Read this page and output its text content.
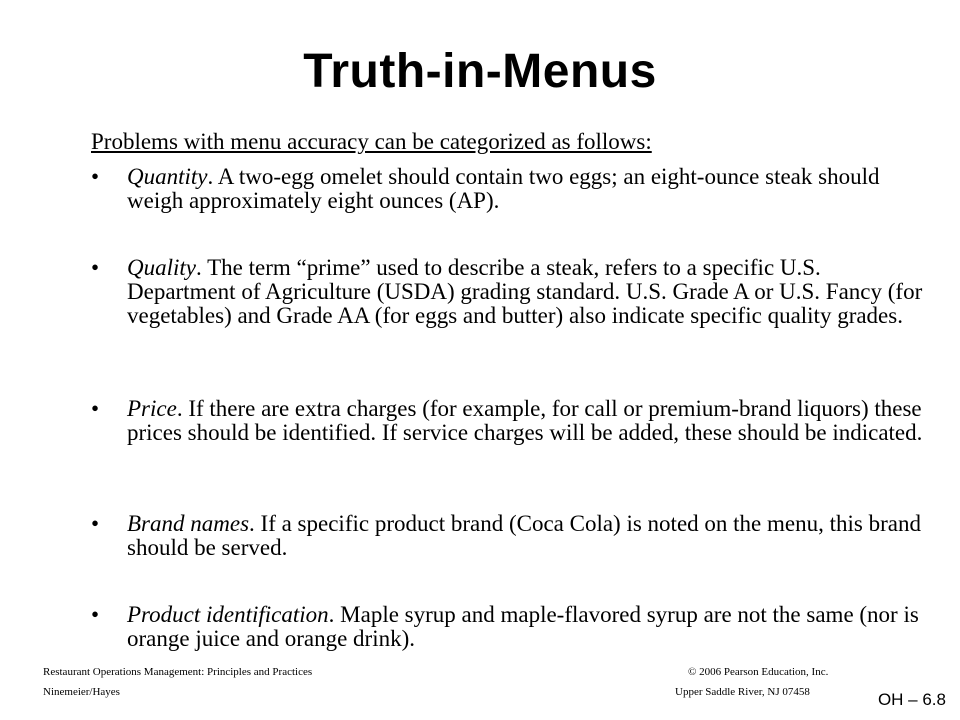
Truth-in-Menus
Problems with menu accuracy can be categorized as follows:
•	Quantity. A two-egg omelet should contain two eggs; an eight-ounce steak should weigh approximately eight ounces (AP).
•	Quality. The term “prime” used to describe a steak, refers to a specific U.S. Department of Agriculture (USDA) grading standard. U.S. Grade A or U.S. Fancy (for vegetables) and Grade AA (for eggs and butter) also indicate specific quality grades.
•	Price. If there are extra charges (for example, for call or premium-brand liquors) these prices should be identified. If service charges will be added, these should be indicated.
•	Brand names. If a specific product brand (Coca Cola) is noted on the menu, this brand should be served.
•	Product identification. Maple syrup and maple-flavored syrup are not the same (nor is orange juice and orange drink).
Restaurant Operations Management: Principles and Practices
Ninemeier/Hayes
© 2006 Pearson Education, Inc.
Upper Saddle River, NJ 07458	OH – 6.8
